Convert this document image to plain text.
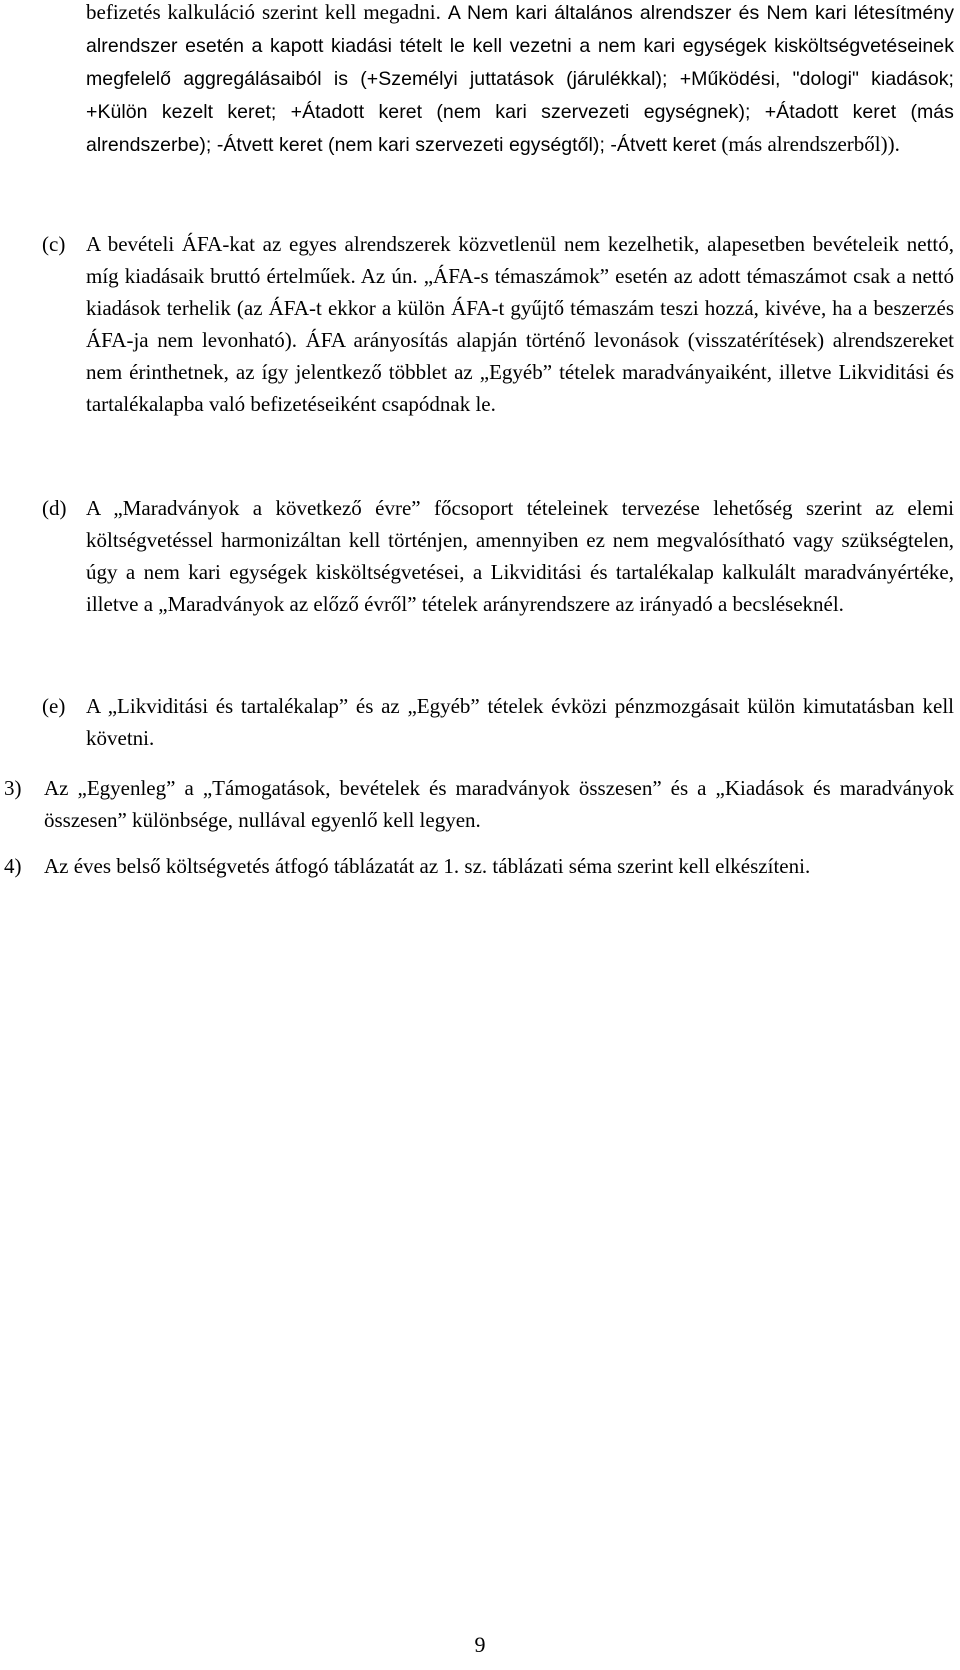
befizetés kalkuláció szerint kell megadni. A Nem kari általános alrendszer és Nem kari létesítmény alrendszer esetén a kapott kiadási tételt le kell vezetni a nem kari egységek kisköltségvetéseinek megfelelő aggregálásaiból is (+Személyi juttatások (járulékkal); +Működési, "dologi" kiadások; +Külön kezelt keret; +Átadott keret (nem kari szervezeti egységnek); +Átadott keret (más alrendszerbe); -Átvett keret (nem kari szervezeti egységtől); -Átvett keret (más alrendszerből)).
(c) A bevételi ÁFA-kat az egyes alrendszerek közvetlenül nem kezelhetik, alapesetben bevételeik nettó, míg kiadásaik bruttó értelműek. Az ún. „ÁFA-s témaszámok” esetén az adott témaszámot csak a nettó kiadások terhelik (az ÁFA-t ekkor a külön ÁFA-t gyűjtő témaszám teszi hozzá, kivéve, ha a beszerzés ÁFA-ja nem levonható). ÁFA arányosítás alapján történő levonások (visszatérítések) alrendszereket nem érinthetnek, az így jelentkező többlet az „Egyéb” tételek maradványaiként, illetve Likviditási és tartalékalapba való befizetéseiként csapódnak le.
(d) A „Maradványok a következő évre” főcsoport tételeinek tervezése lehetőség szerint az elemi költségvetéssel harmonizáltan kell történjen, amennyiben ez nem megvalósítható vagy szükségtelen, úgy a nem kari egységek kisköltségvetései, a Likviditási és tartalékalap kalkulált maradványértéke, illetve a „Maradványok az előző évről” tételek arányrendszere az irányadó a becsléseknél.
(e) A „Likviditási és tartalékalap” és az „Egyéb” tételek évközi pénzmozgásait külön kimutatásban kell követni.
3) Az „Egyenleg” a „Támogatások, bevételek és maradványok összesen” és a „Kiadások és maradványok összesen” különbsége, nullával egyenlő kell legyen.
4) Az éves belső költségvetés átfogó táblázatát az 1. sz. táblázati séma szerint kell elkészíteni.
9
